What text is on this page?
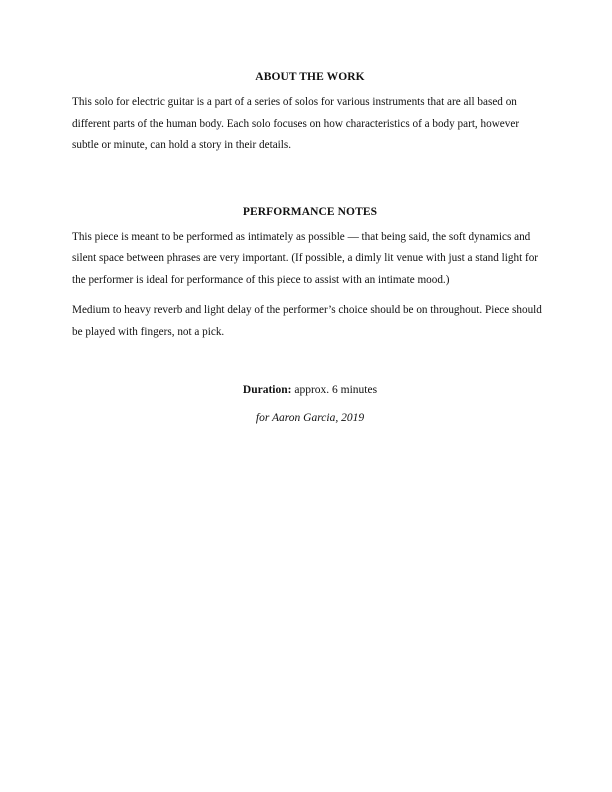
ABOUT THE WORK

This solo for electric guitar is a part of a series of solos for various instruments that are all based on different parts of the human body. Each solo focuses on how characteristics of a body part, however subtle or minute, can hold a story in their details.

PERFORMANCE NOTES

This piece is meant to be performed as intimately as possible — that being said, the soft dynamics and silent space between phrases are very important. (If possible, a dimly lit venue with just a stand light for the performer is ideal for performance of this piece to assist with an intimate mood.)

Medium to heavy reverb and light delay of the performer’s choice should be on throughout. Piece should be played with fingers, not a pick.

Duration: approx. 6 minutes
for Aaron Garcia, 2019
